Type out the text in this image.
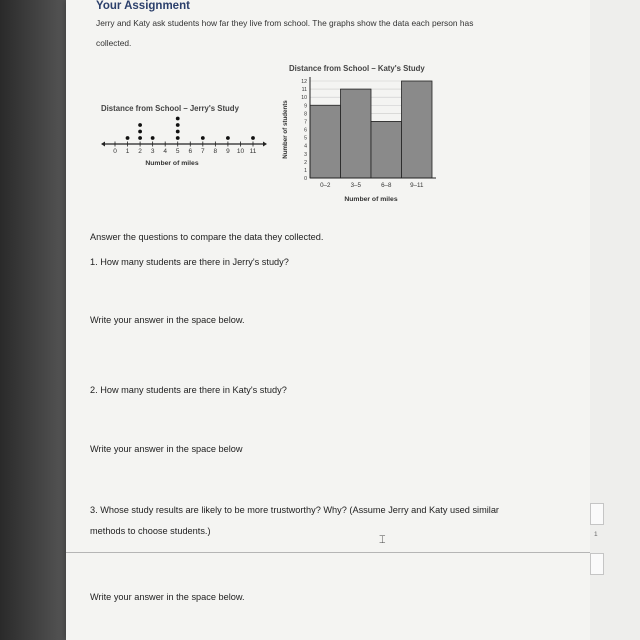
Your Assignment
Jerry and Katy ask students how far they live from school. The graphs show the data each person has collected.
Distance from School – Jerry's Study
0 1 2 3 4 5 6 7 8 9 10 11
Number of miles
Distance from School – Katy's Study
0
1
2
3
4
5
6
7
8
9
10
11
12
0–2	3–5	6–8	9–11
Number of miles
Number of students
Answer the questions to compare the data they collected.
1. How many students are there in Jerry's study?
Write your answer in the space below.
2. How many students are there in Katy's study?
Write your answer in the space below
3. Whose study results are likely to be more trustworthy? Why? (Assume Jerry and Katy used similar methods to choose students.)
⌶	1
Write your answer in the space below.
